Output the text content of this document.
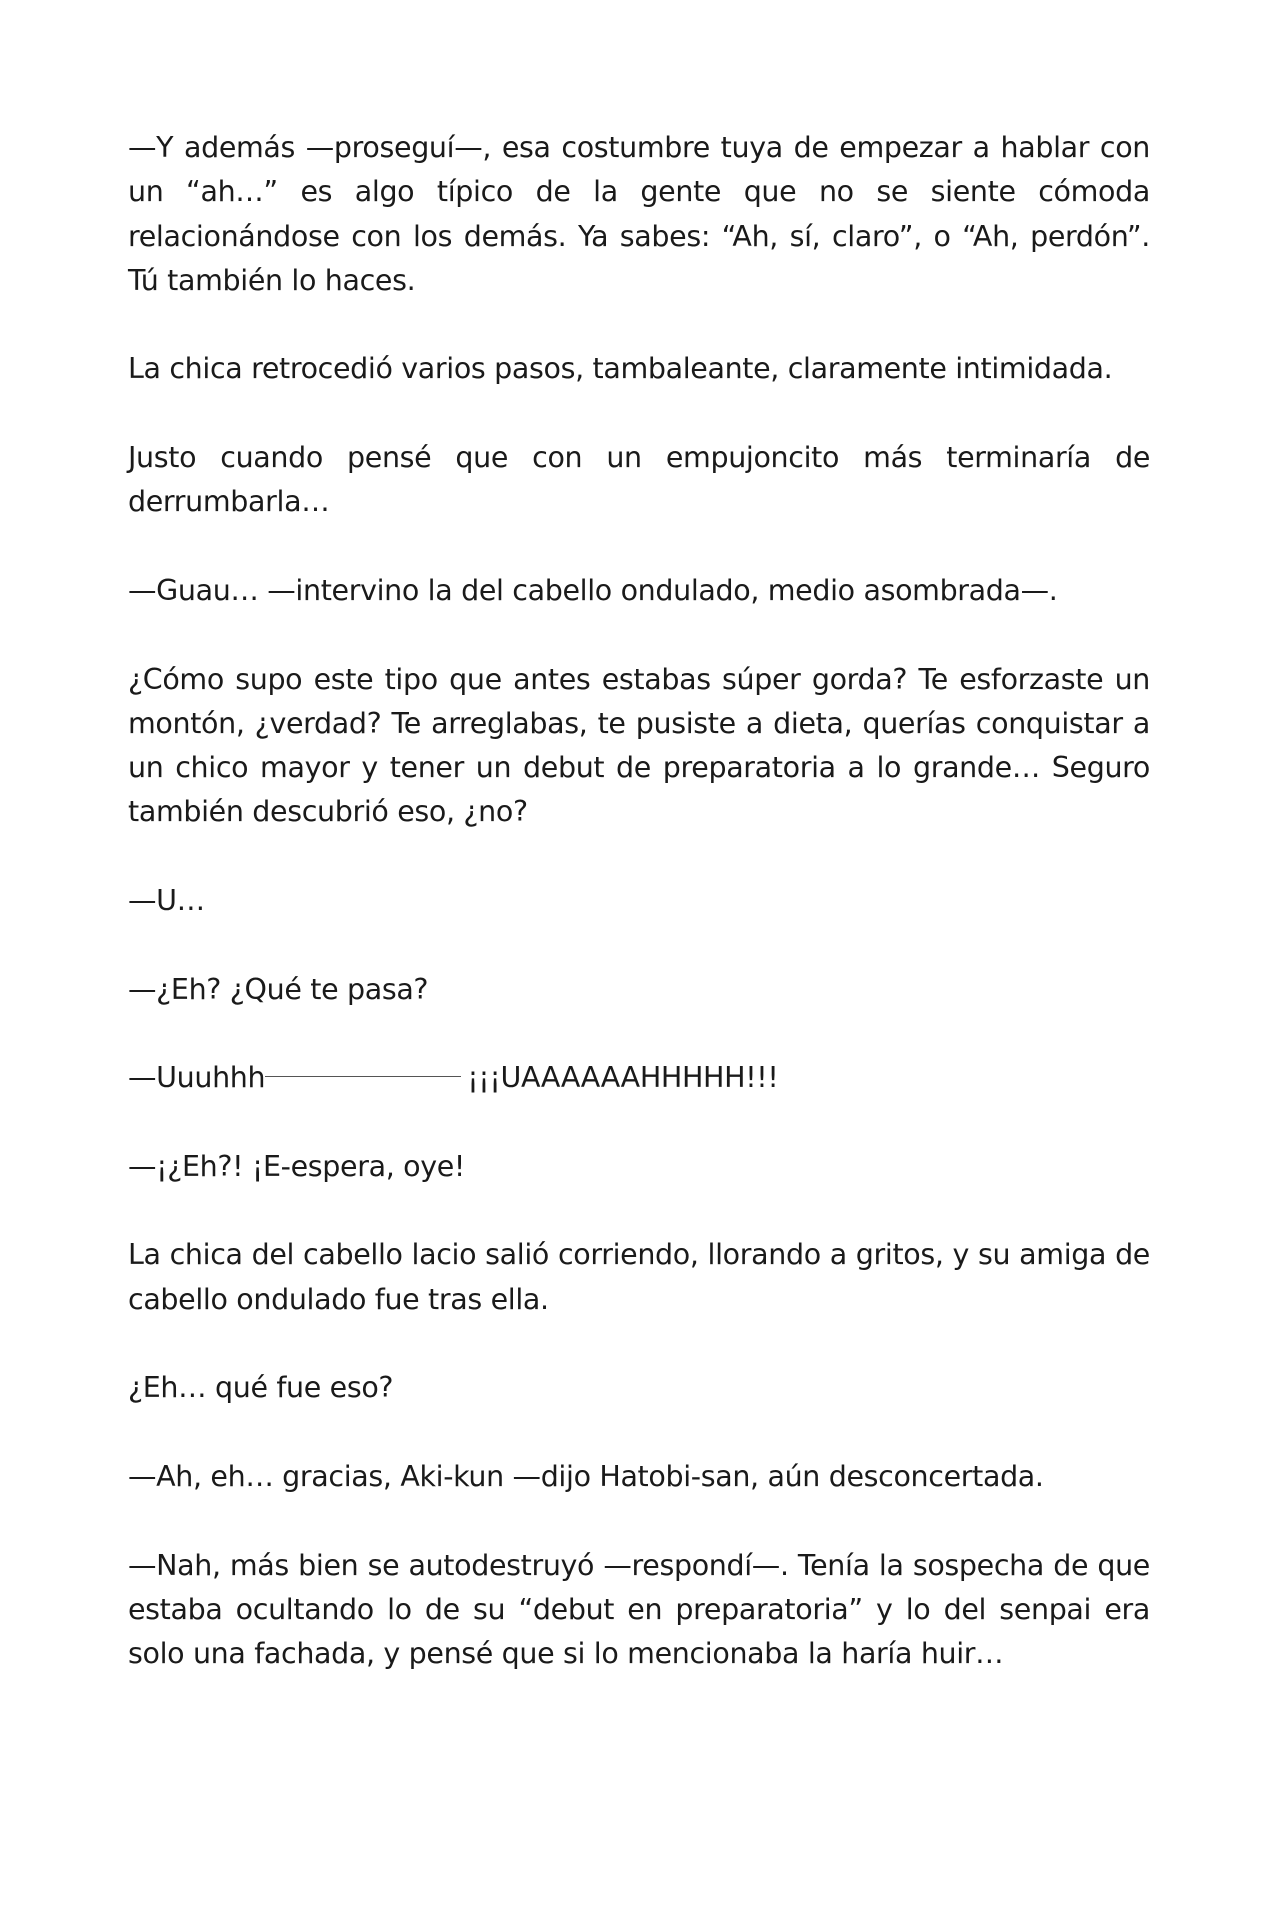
—Y además —proseguí—, esa costumbre tuya de empezar a hablar con un “ah…” es algo típico de la gente que no se siente cómoda relacionándose con los demás. Ya sabes: “Ah, sí, claro”, o “Ah, perdón”. Tú también lo haces.

La chica retrocedió varios pasos, tambaleante, claramente intimidada.

Justo cuando pensé que con un empujoncito más terminaría de derrumbarla…

—Guau… —intervino la del cabello ondulado, medio asombrada—.

¿Cómo supo este tipo que antes estabas súper gorda? Te esforzaste un montón, ¿verdad? Te arreglabas, te pusiste a dieta, querías conquistar a un chico mayor y tener un debut de preparatoria a lo grande… Seguro también descubrió eso, ¿no?

—U…

—¿Eh? ¿Qué te pasa?

—Uuuhhh	¡¡¡UAAAAAAHHHHH!!!

—¡¿Eh?! ¡E-espera, oye!

La chica del cabello lacio salió corriendo, llorando a gritos, y su amiga de cabello ondulado fue tras ella.

¿Eh… qué fue eso?

—Ah, eh… gracias, Aki-kun —dijo Hatobi-san, aún desconcertada.

—Nah, más bien se autodestruyó —respondí—. Tenía la sospecha de que estaba ocultando lo de su “debut en preparatoria” y lo del senpai era solo una fachada, y pensé que si lo mencionaba la haría huir…
